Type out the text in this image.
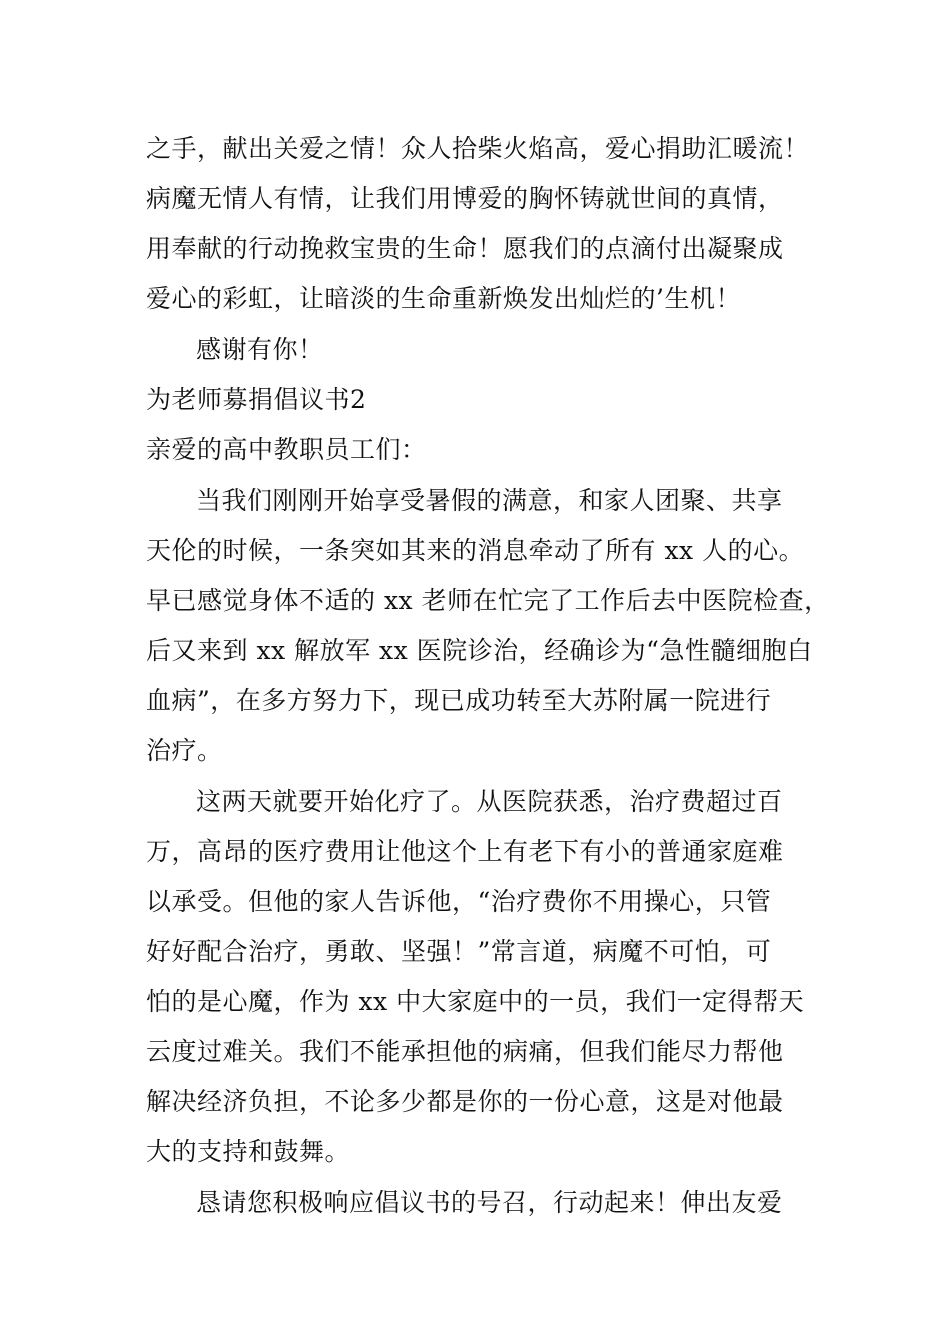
之手，献出关爱之情！众人拾柴火焰高，爱心捐助汇暖流！
病魔无情人有情，让我们用博爱的胸怀铸就世间的真情，
用奉献的行动挽救宝贵的生命！愿我们的点滴付出凝聚成
爱心的彩虹，让暗淡的生命重新焕发出灿烂的’生机！
感谢有你！
为老师募捐倡议书2
亲爱的高中教职员工们：
当我们刚刚开始享受暑假的满意，和家人团聚、共享
天伦的时候，一条突如其来的消息牵动了所有 xx 人的心。
早已感觉身体不适的 xx 老师在忙完了工作后去中医院检查，
后又来到 xx 解放军 xx 医院诊治，经确诊为“急性髓细胞白
血病”，在多方努力下，现已成功转至大苏附属一院进行
治疗。
这两天就要开始化疗了。从医院获悉，治疗费超过百
万，高昂的医疗费用让他这个上有老下有小的普通家庭难
以承受。但他的家人告诉他，“治疗费你不用操心，只管
好好配合治疗，勇敢、坚强！”常言道，病魔不可怕，可
怕的是心魔，作为 xx 中大家庭中的一员，我们一定得帮天
云度过难关。我们不能承担他的病痛，但我们能尽力帮他
解决经济负担，不论多少都是你的一份心意，这是对他最
大的支持和鼓舞。
恳请您积极响应倡议书的号召，行动起来！伸出友爱
